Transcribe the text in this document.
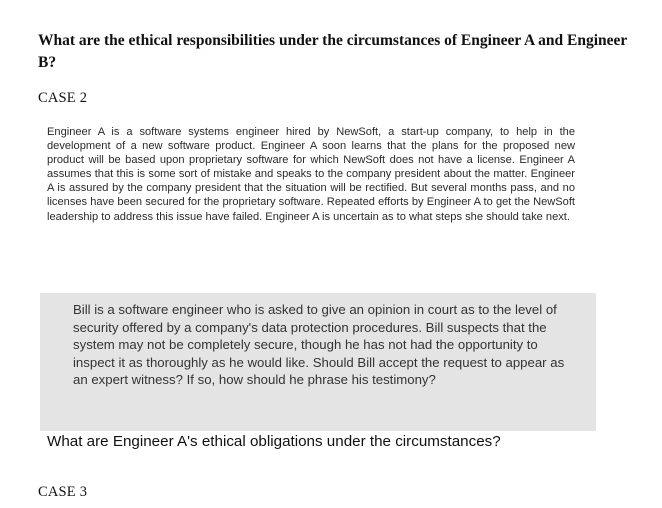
What are the ethical responsibilities under the circumstances of Engineer A and Engineer B?

CASE 2

Engineer A is a software systems engineer hired by NewSoft, a start-up company, to help in the development of a new software product. Engineer A soon learns that the plans for the proposed new product will be based upon proprietary software for which NewSoft does not have a license. Engineer A assumes that this is some sort of mistake and speaks to the company president about the matter. Engineer A is assured by the company president that the situation will be rectified. But several months pass, and no licenses have been secured for the proprietary software. Repeated efforts by Engineer A to get the NewSoft leadership to address this issue have failed. Engineer A is uncertain as to what steps she should take next.

Bill is a software engineer who is asked to give an opinion in court as to the level of security offered by a company's data protection procedures. Bill suspects that the system may not be completely secure, though he has not had the opportunity to inspect it as thoroughly as he would like. Should Bill accept the request to appear as an expert witness? If so, how should he phrase his testimony?

What are Engineer A's ethical obligations under the circumstances?

CASE 3
